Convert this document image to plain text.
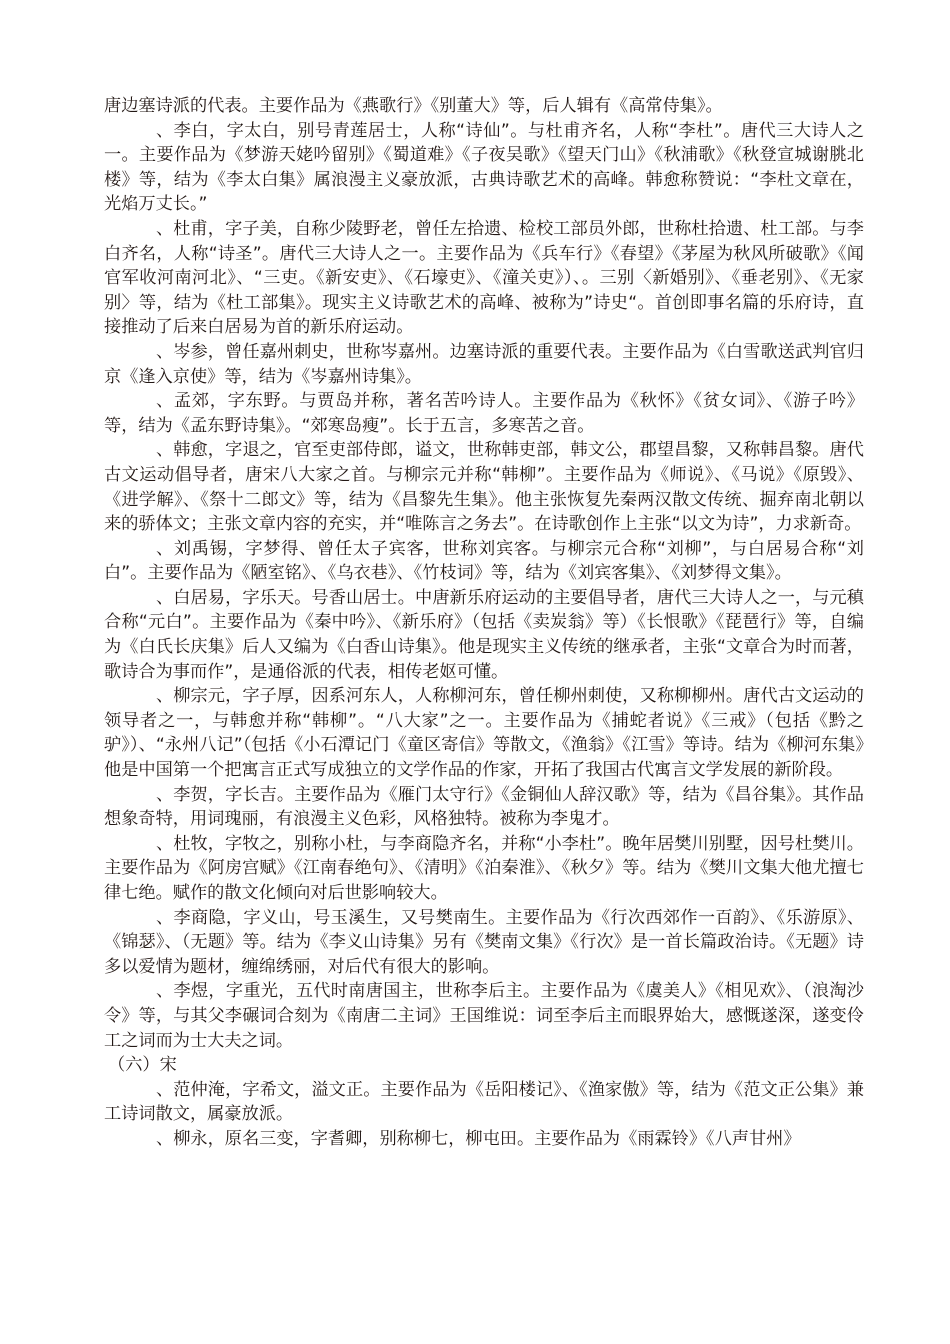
唐边塞诗派的代表。主要作品为《燕歌行》《别董大》等，后人辑有《高常侍集》。

、李白，字太白，别号青莲居士，人称“诗仙”。与杜甫齐名，人称“李杜”。唐代三大诗人之一。主要作品为《梦游天姥吟留别》《蜀道难》《子夜吴歌》《望天门山》《秋浦歌》《秋登宣城谢朓北楼》等，结为《李太白集》属浪漫主义豪放派，古典诗歌艺术的高峰。韩愈称赞说：“李杜文章在，光焰万丈长。”

、杜甫，字子美，自称少陵野老，曾任左拾遗、检校工部员外郎，世称杜拾遗、杜工部。与李白齐名，人称“诗圣”。唐代三大诗人之一。主要作品为《兵车行》《春望》《茅屋为秋风所破歌》《闻官军收河南河北》、“三吏。《新安吏》、《石壕吏》、《潼关吏》）、。三别〈新婚别》、《垂老别》、《无家别〉等，结为《杜工部集》。现实主义诗歌艺术的高峰、被称为”诗史“。首创即事名篇的乐府诗，直接推动了后来白居易为首的新乐府运动。

、岑参，曾任嘉州刺史，世称岑嘉州。边塞诗派的重要代表。主要作品为《白雪歌送武判官归京《逢入京使》等，结为《岑嘉州诗集》。

、孟郊，字东野。与贾岛并称，著名苦吟诗人。主要作品为《秋怀》《贫女词》、《游子吟》等，结为《孟东野诗集》。“郊寒岛瘦”。长于五言，多寒苦之音。

、韩愈，字退之，官至吏部侍郎，谥文，世称韩吏部，韩文公，郡望昌黎，又称韩昌黎。唐代古文运动倡导者，唐宋八大家之首。与柳宗元并称“韩柳”。主要作品为《师说》、《马说》《原毁》、《进学解》、《祭十二郎文》等，结为《昌黎先生集》。他主张恢复先秦两汉散文传统、掘弃南北朝以来的骄体文；主张文章内容的充实，并“唯陈言之务去”。在诗歌创作上主张“以文为诗”，力求新奇。

、刘禹锡，字梦得、曾任太子宾客，世称刘宾客。与柳宗元合称“刘柳”，与白居易合称“刘白”。主要作品为《陋室铭》、《乌衣巷》、《竹枝词》等，结为《刘宾客集》、《刘梦得文集》。

、白居易，字乐天。号香山居士。中唐新乐府运动的主要倡导者，唐代三大诗人之一，与元稹合称“元白”。主要作品为《秦中吟》、《新乐府》（包括《卖炭翁》等）《长恨歌》《琵琶行》等，自编为《白氏长庆集》后人又编为《白香山诗集》。他是现实主义传统的继承者，主张“文章合为时而著，歌诗合为事而作”，是通俗派的代表，相传老妪可懂。

、柳宗元，字子厚，因系河东人，人称柳河东，曾任柳州刺使，又称柳柳州。唐代古文运动的领导者之一，与韩愈并称“韩柳”。“八大家”之一。主要作品为《捕蛇者说》《三戒》（包括《黔之驴》）、“永州八记”（包括《小石潭记门《童区寄信》等散文，《渔翁》《江雪》等诗。结为《柳河东集》他是中国第一个把寓言正式写成独立的文学作品的作家，开拓了我国古代寓言文学发展的新阶段。

、李贺，字长吉。主要作品为《雁门太守行》《金铜仙人辞汉歌》等，结为《昌谷集》。其作品想象奇特，用词瑰丽，有浪漫主义色彩，风格独特。被称为李鬼才。

、杜牧，字牧之，别称小杜，与李商隐齐名，并称“小李杜”。晚年居樊川别墅，因号杜樊川。主要作品为《阿房宫赋》《江南春绝句》、《清明》《泊秦淮》、《秋夕》等。结为《樊川文集大他尤擅七律七绝。赋作的散文化倾向对后世影响较大。

、李商隐，字义山，号玉溪生，又号樊南生。主要作品为《行次西郊作一百韵》、《乐游原》、《锦瑟》、（无题》等。结为《李义山诗集》另有《樊南文集》《行次》是一首长篇政治诗。《无题》诗多以爱情为题材，缠绵绣丽，对后代有很大的影响。

、李煜，字重光，五代时南唐国主，世称李后主。主要作品为《虞美人》《相见欢》、（浪淘沙令》等，与其父李碾词合刻为《南唐二主词》王国维说：词至李后主而眼界始大，感慨遂深，遂变伶工之词而为士大夫之词。

（六）宋

、范仲淹，字希文，溢文正。主要作品为《岳阳楼记》、《渔家傲》等，结为《范文正公集》兼工诗词散文，属豪放派。

、柳永，原名三变，字耆卿，别称柳七，柳屯田。主要作品为《雨霖铃》《八声甘州》
